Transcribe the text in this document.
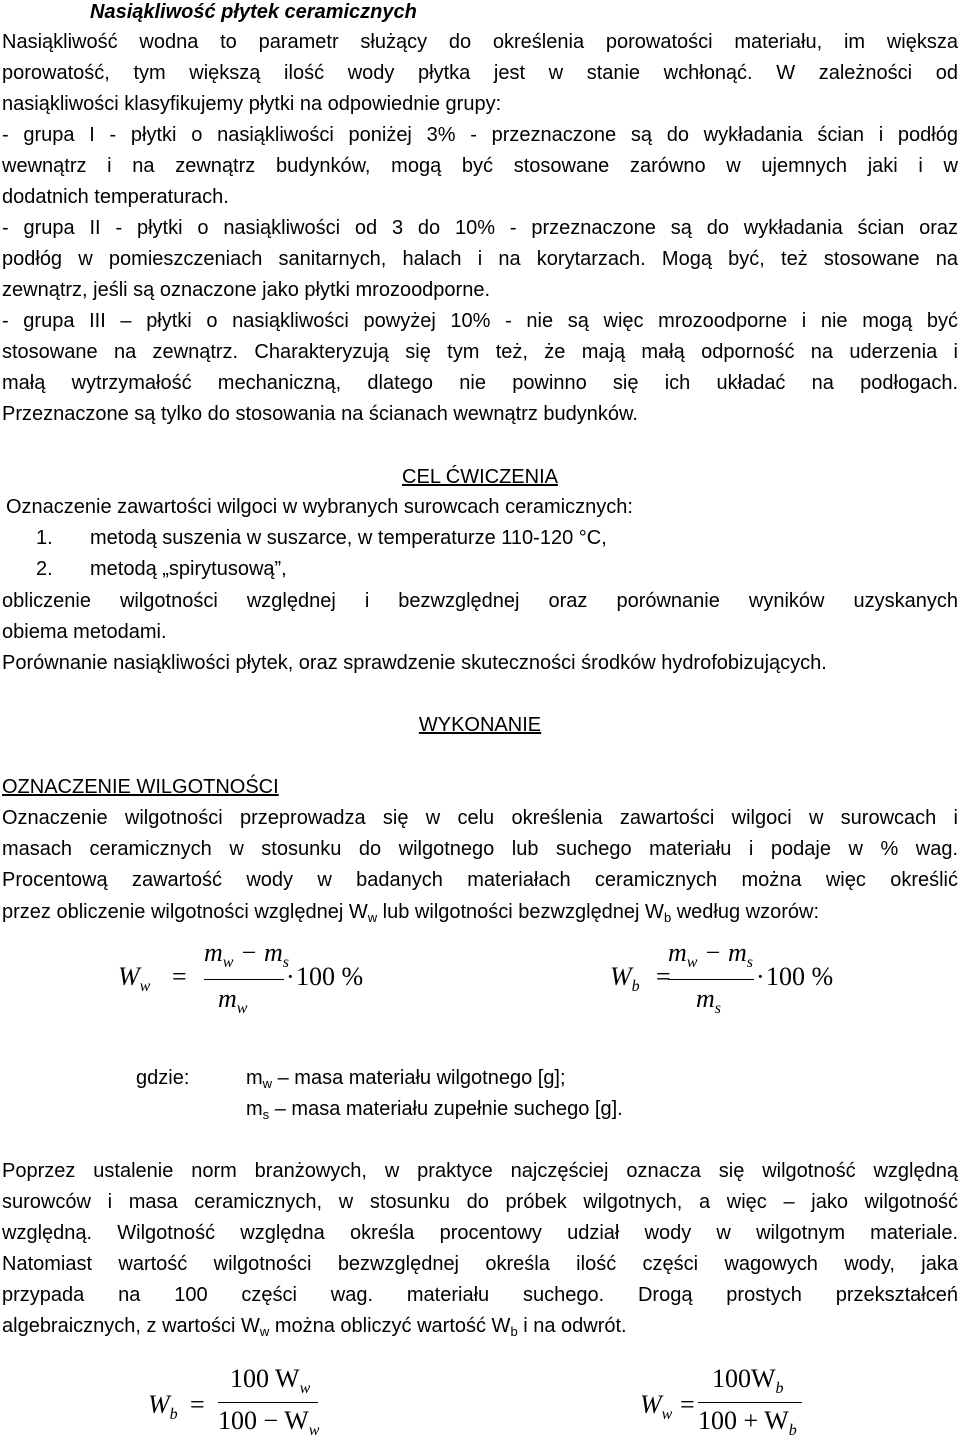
Nasiąkliwość płytek ceramicznych
Nasiąkliwość wodna to parametr służący do określenia porowatości materiału, im większa
porowatość, tym większą ilość wody płytka jest w stanie wchłonąć. W zależności od
nasiąkliwości klasyfikujemy płytki na odpowiednie grupy:
- grupa I - płytki o nasiąkliwości poniżej 3% - przeznaczone są do wykładania ścian i podłóg
wewnątrz i na zewnątrz budynków, mogą być stosowane zarówno w ujemnych jaki i w
dodatnich temperaturach.
- grupa II - płytki o nasiąkliwości od 3 do 10% - przeznaczone są do wykładania ścian oraz
podłóg w pomieszczeniach sanitarnych, halach i na korytarzach. Mogą być, też stosowane na
zewnątrz, jeśli są oznaczone jako płytki mrozoodporne.
- grupa III – płytki o nasiąkliwości powyżej 10% - nie są więc mrozoodporne i nie mogą być
stosowane na zewnątrz. Charakteryzują się tym też, że mają małą odporność na uderzenia i
małą wytrzymałość mechaniczną, dlatego nie powinno się ich układać na podłogach.
Przeznaczone są tylko do stosowania na ścianach wewnątrz budynków.
CEL ĆWICZENIA
Oznaczenie zawartości wilgoci w wybranych surowcach ceramicznych:
1. metodą suszenia w suszarce, w temperaturze 110-120 °C,
2. metodą „spirytusową”,
obliczenie wilgotności względnej i bezwzględnej oraz porównanie wyników uzyskanych
obiema metodami.
Porównanie nasiąkliwości płytek, oraz sprawdzenie skuteczności środków hydrofobizujących.
WYKONANIE
OZNACZENIE WILGOTNOŚCI
Oznaczenie wilgotności przeprowadza się w celu określenia zawartości wilgoci w surowcach i
masach ceramicznych w stosunku do wilgotnego lub suchego materiału i podaje w % wag.
Procentową zawartość wody w badanych materiałach ceramicznych można więc określić
przez obliczenie wilgotności względnej $W_w$ lub wilgotności bezwzględnej $W_b$ według wzorów:
$W_w$ =
$m_w - m_s$
$m_w$
· 100 %	$W_b$ =
$m_w - m_s$
$m_s$
· 100 %
gdzie:	$m_w$ – masa materiału wilgotnego [g];
$m_s$ – masa materiału zupełnie suchego [g].
Poprzez ustalenie norm branżowych, w praktyce najczęściej oznacza się wilgotność względną
surowców i masa ceramicznych, w stosunku do próbek wilgotnych, a więc – jako wilgotność
względną. Wilgotność względna określa procentowy udział wody w wilgotnym materiale.
Natomiast wartość wilgotności bezwzględnej określa ilość części wagowych wody, jaka
przypada na 100 części wag. materiału suchego. Drogą prostych przekształceń
algebraicznych, z wartości $W_w$ można obliczyć wartość $W_b$ i na odwrót.
$W_b$ =
100 $W_w$
$100 - W_w$
$W_w$ =
$100W_b$
$100 + W_b$
